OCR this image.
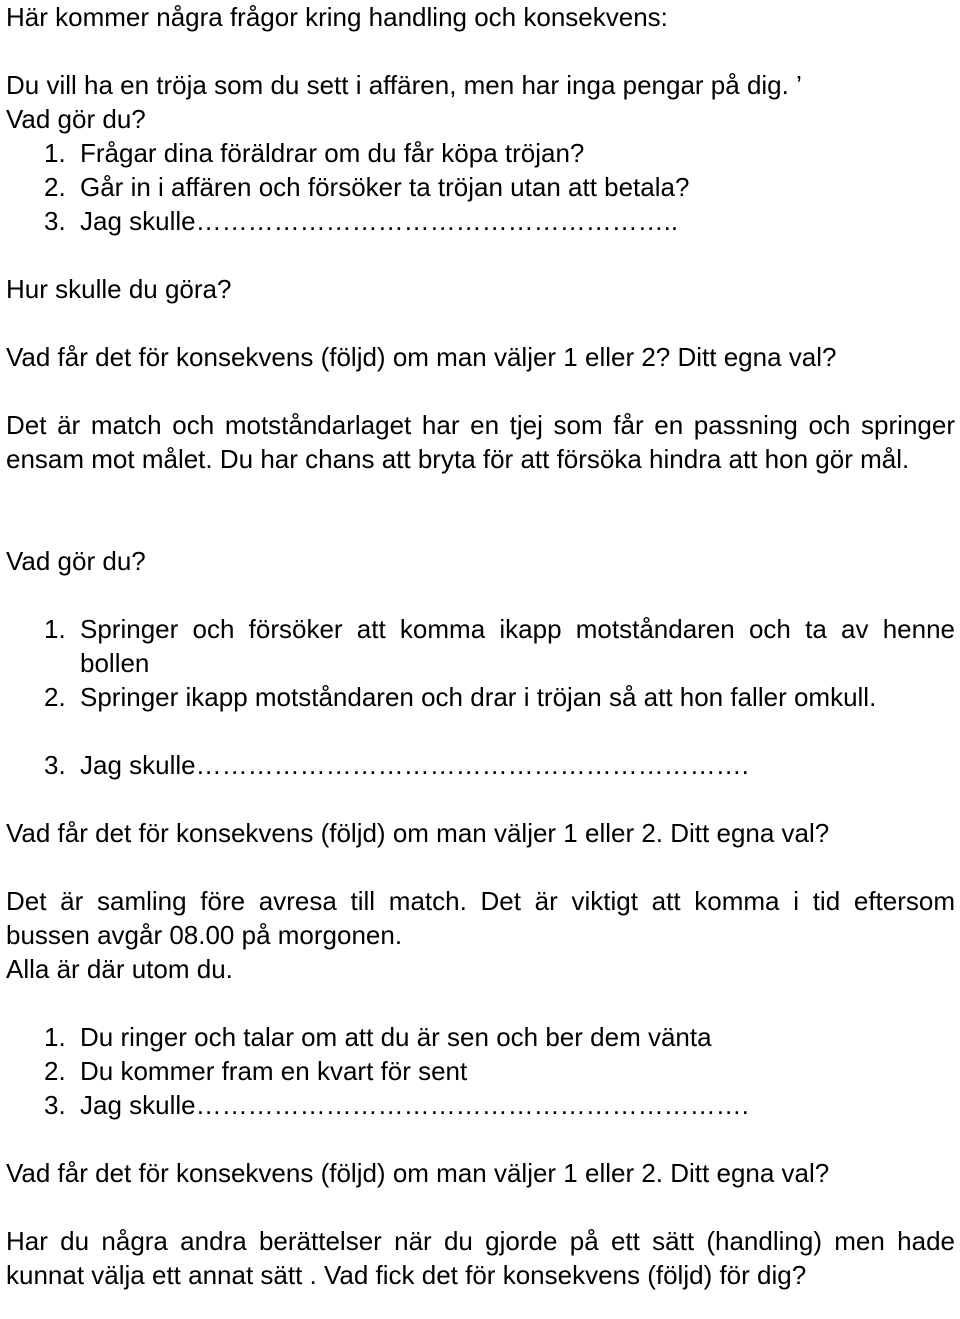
Här kommer några frågor kring handling och konsekvens:
Du vill ha en tröja som du sett i affären, men har inga pengar på dig. ’
Vad gör du?
1. Frågar dina föräldrar om du får köpa tröjan?
2. Går in i affären och försöker ta tröjan utan att betala?
3. Jag skulle………………………………………………..
Hur skulle du göra?
Vad får det för konsekvens (följd) om man väljer 1 eller 2? Ditt egna val?
Det är match och motståndarlaget har en tjej som får en passning och springer ensam mot målet. Du har chans att bryta för att försöka hindra att hon gör mål.
Vad gör du?
1. Springer och försöker att komma ikapp motståndaren och ta av henne bollen
2. Springer ikapp motståndaren och drar i tröjan så att hon faller omkull.
3. Jag skulle……………………………………………………….
Vad får det för konsekvens (följd) om man väljer 1 eller 2. Ditt egna val?
Det är samling före avresa till match. Det är viktigt att komma i tid eftersom bussen avgår 08.00 på morgonen.
Alla är där utom du.
1. Du ringer och talar om att du är sen och ber dem vänta
2. Du kommer fram en kvart för sent
3. Jag skulle……………………………………………………….
Vad får det för konsekvens (följd) om man väljer 1 eller 2. Ditt egna val?
Har du några andra berättelser när du gjorde på ett sätt (handling) men hade kunnat välja ett annat sätt . Vad fick det för konsekvens (följd) för dig?
